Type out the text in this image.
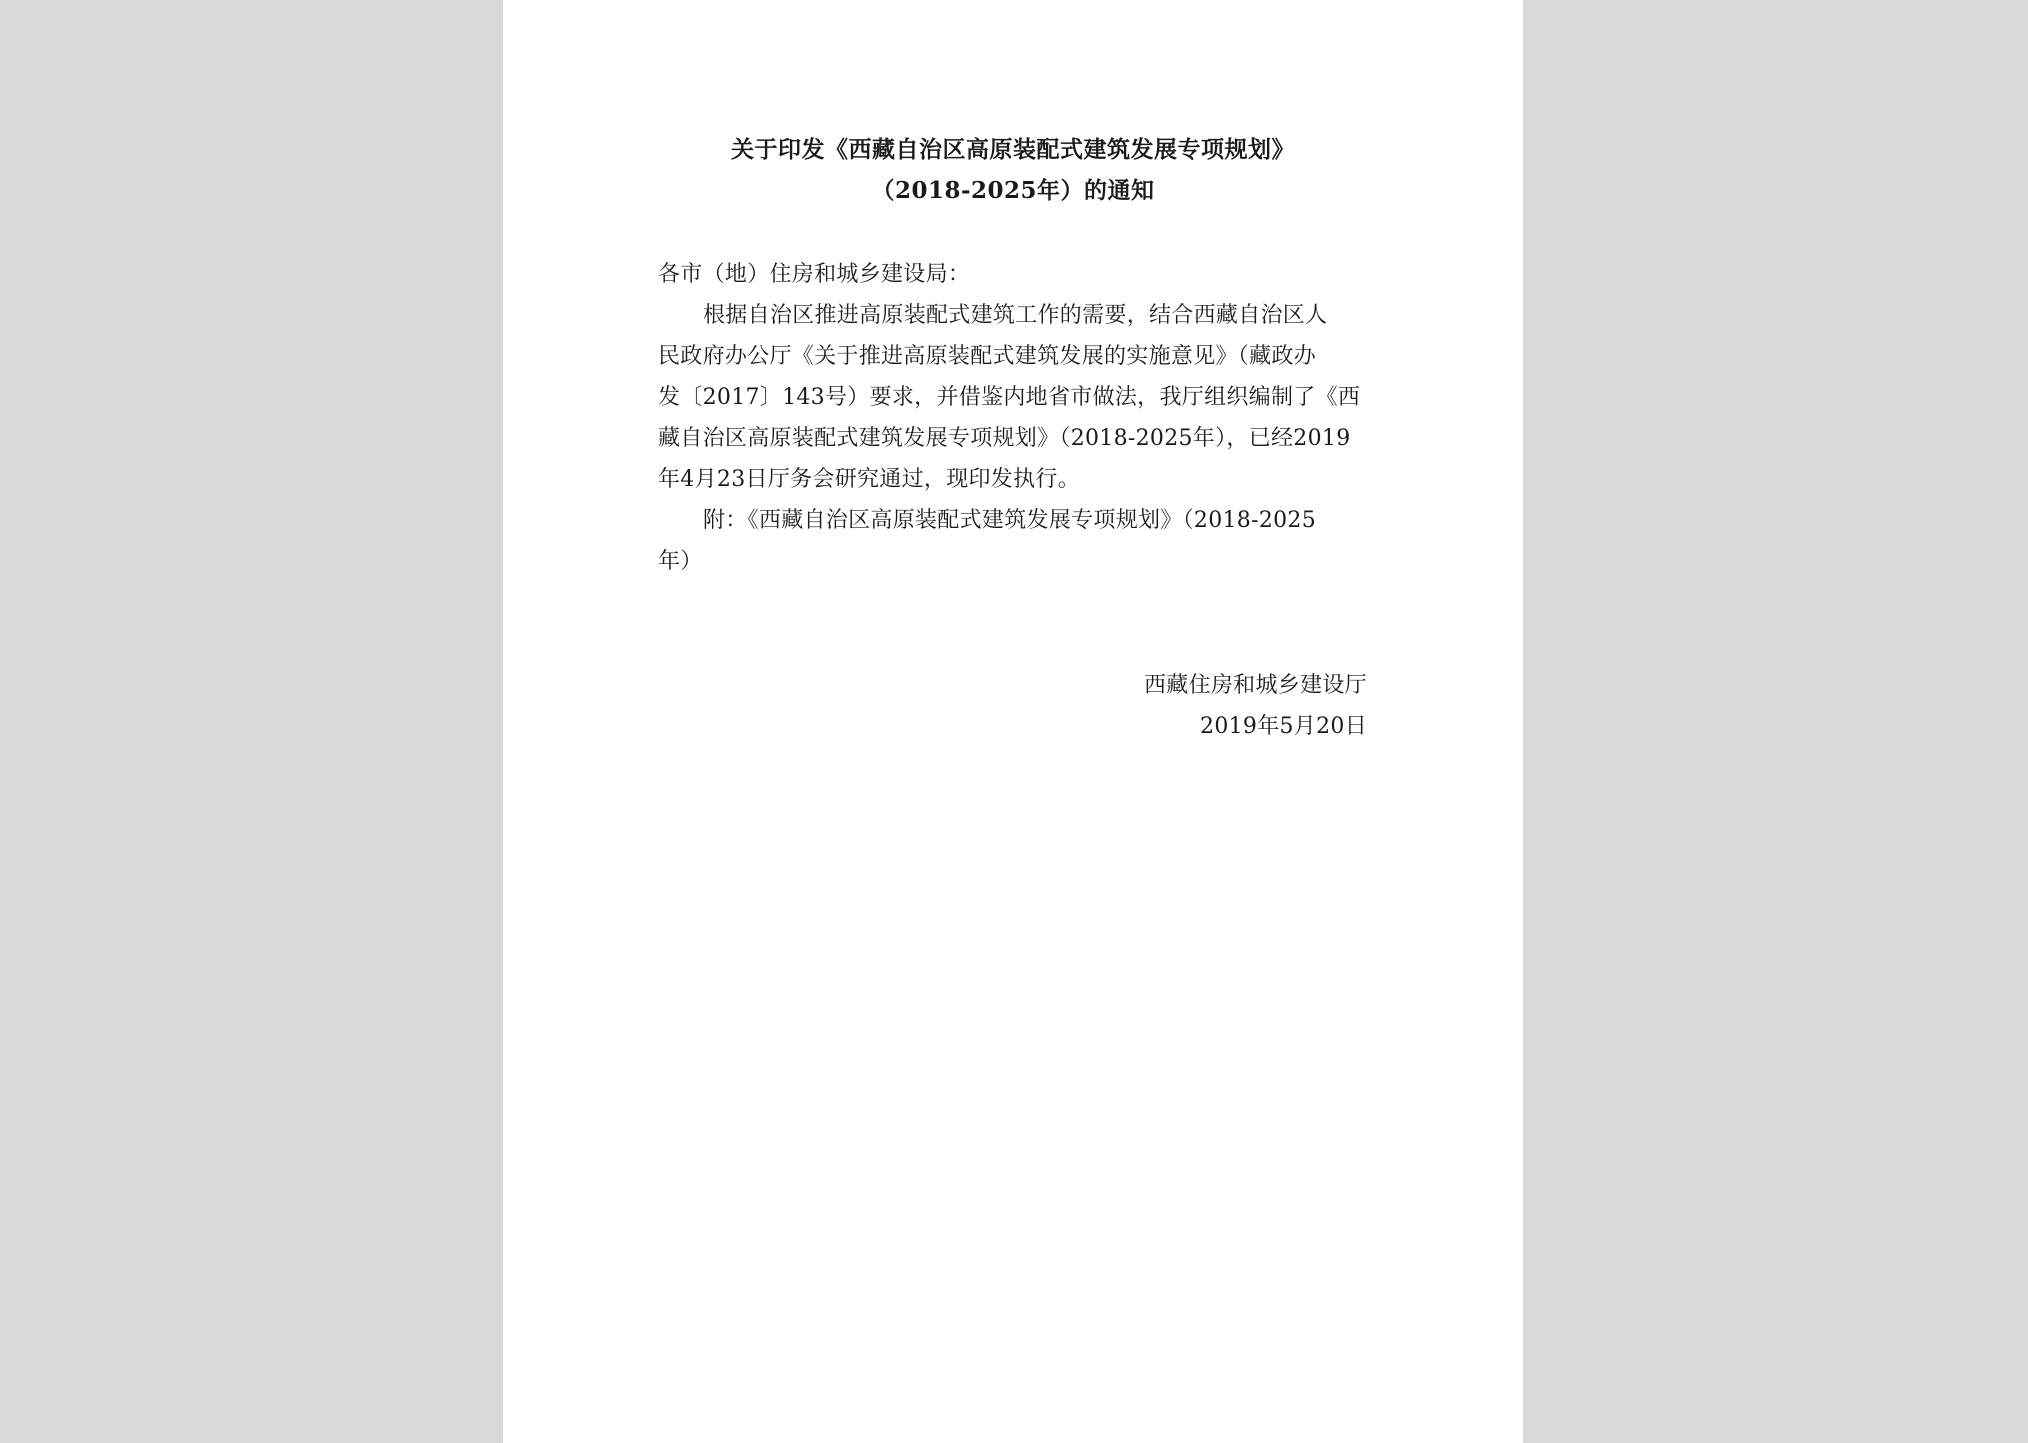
关于印发《西藏自治区高原装配式建筑发展专项规划》
（2018-2025年）的通知
各市（地）住房和城乡建设局：
根据自治区推进高原装配式建筑工作的需要，结合西藏自治区人
民政府办公厅《关于推进高原装配式建筑发展的实施意见》（藏政办
发〔2017〕143号）要求，并借鉴内地省市做法，我厅组织编制了《西
藏自治区高原装配式建筑发展专项规划》（2018-2025年），已经2019
年4月23日厅务会研究通过，现印发执行。
附：《西藏自治区高原装配式建筑发展专项规划》（2018-2025
年）
西藏住房和城乡建设厅
2019年5月20日
